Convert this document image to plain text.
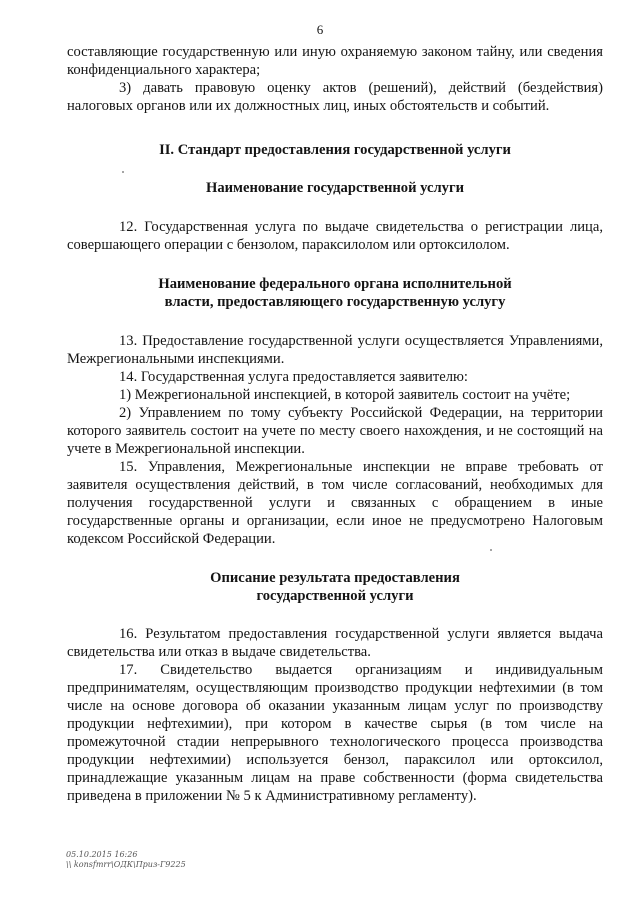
6

составляющие государственную или иную охраняемую законом тайну, или сведения конфиденциального характера;

3) давать правовую оценку актов (решений), действий (бездействия) налоговых органов или их должностных лиц, иных обстоятельств и событий.

II. Стандарт предоставления государственной услуги
Наименование государственной услуги

12. Государственная услуга по выдаче свидетельства о регистрации лица, совершающего операции с бензолом, параксилолом или ортоксилолом.

Наименование федерального органа исполнительной
власти, предоставляющего государственную услугу

13. Предоставление государственной услуги осуществляется Управлениями, Межрегиональными инспекциями.

14. Государственная услуга предоставляется заявителю:

1) Межрегиональной инспекцией, в которой заявитель состоит на учёте;

2) Управлением по тому субъекту Российской Федерации, на территории которого заявитель состоит на учете по месту своего нахождения, и не состоящий на учете в Межрегиональной инспекции.

15. Управления, Межрегиональные инспекции не вправе требовать от заявителя осуществления действий, в том числе согласований, необходимых для получения государственной услуги и связанных с обращением в иные государственные органы и организации, если иное не предусмотрено Налоговым кодексом Российской Федерации.

Описание результата предоставления
государственной услуги

16. Результатом предоставления государственной услуги является выдача свидетельства или отказ в выдаче свидетельства.

17. Свидетельство выдается организациям и индивидуальным предпринимателям, осуществляющим производство продукции нефтехимии (в том числе на основе договора об оказании указанным лицам услуг по производству продукции нефтехимии), при котором в качестве сырья (в том числе на промежуточной стадии непрерывного технологического процесса производства продукции нефтехимии) используется бензол, параксилол или ортоксилол, принадлежащие указанным лицам на праве собственности (форма свидетельства приведена в приложении № 5 к Административному регламенту).

05.10.2015 16:26
\\ konsfmrr\ОДК\Приз-Г9225
